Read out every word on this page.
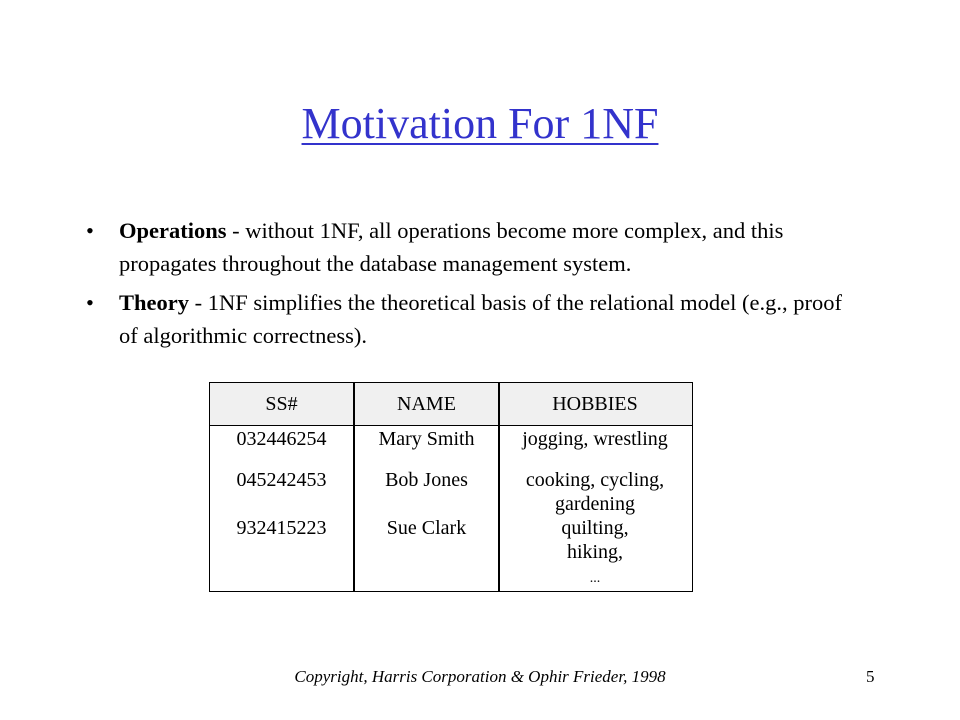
Motivation For 1NF
• Operations - without 1NF, all operations become more complex, and this propagates throughout the database management system.
• Theory - 1NF simplifies the theoretical basis of the relational model (e.g., proof of algorithmic correctness).
SS#	NAME	HOBBIES
032446254	Mary Smith	jogging, wrestling
045242453	Bob Jones	cooking, cycling,
gardening
932415223	Sue Clark	quilting,
hiking,
...
Copyright, Harris Corporation & Ophir Frieder, 1998	5
